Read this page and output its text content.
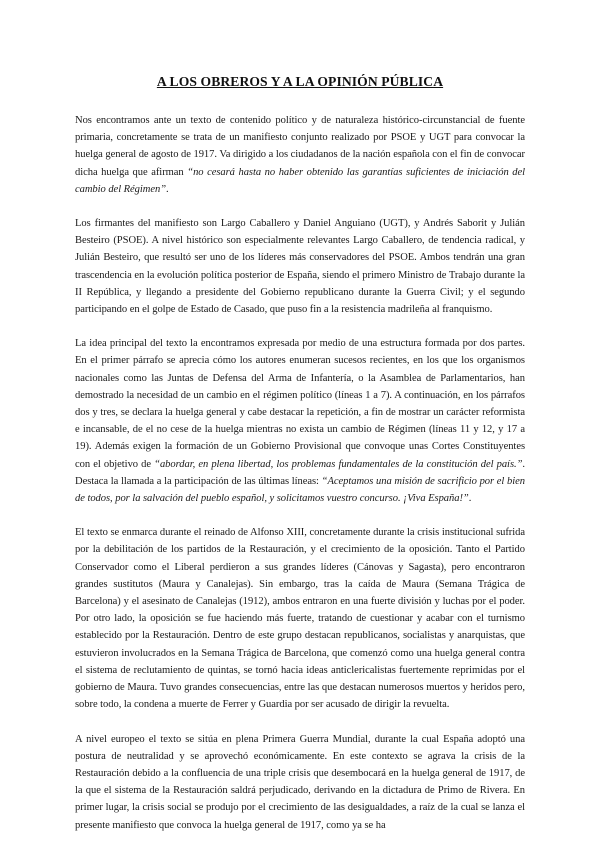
A LOS OBREROS Y A LA OPINIÓN PÚBLICA

Nos encontramos ante un texto de contenido político y de naturaleza histórico-circunstancial de fuente primaria, concretamente se trata de un manifiesto conjunto realizado por PSOE y UGT para convocar la huelga general de agosto de 1917. Va dirigido a los ciudadanos de la nación española con el fin de convocar dicha huelga que afirman “no cesará hasta no haber obtenido las garantías suficientes de iniciación del cambio del Régimen”.

Los firmantes del manifiesto son Largo Caballero y Daniel Anguiano (UGT), y Andrés Saborit y Julián Besteiro (PSOE). A nivel histórico son especialmente relevantes Largo Caballero, de tendencia radical, y Julián Besteiro, que resultó ser uno de los líderes más conservadores del PSOE. Ambos tendrán una gran trascendencia en la evolución política posterior de España, siendo el primero Ministro de Trabajo durante la II República, y llegando a presidente del Gobierno republicano durante la Guerra Civil; y el segundo participando en el golpe de Estado de Casado, que puso fin a la resistencia madrileña al franquismo.

La idea principal del texto la encontramos expresada por medio de una estructura formada por dos partes. En el primer párrafo se aprecia cómo los autores enumeran sucesos recientes, en los que los organismos nacionales como las Juntas de Defensa del Arma de Infantería, o la Asamblea de Parlamentarios, han demostrado la necesidad de un cambio en el régimen político (líneas 1 a 7). A continuación, en los párrafos dos y tres, se declara la huelga general y cabe destacar la repetición, a fin de mostrar un carácter reformista e incansable, de el no cese de la huelga mientras no exista un cambio de Régimen (líneas 11 y 12, y 17 a 19). Además exigen la formación de un Gobierno Provisional que convoque unas Cortes Constituyentes con el objetivo de “abordar, en plena libertad, los problemas fundamentales de la constitución del país.”. Destaca la llamada a la participación de las últimas líneas: “Aceptamos una misión de sacrificio por el bien de todos, por la salvación del pueblo español, y solicitamos vuestro concurso. ¡Viva España!”.

El texto se enmarca durante el reinado de Alfonso XIII, concretamente durante la crisis institucional sufrida por la debilitación de los partidos de la Restauración, y el crecimiento de la oposición. Tanto el Partido Conservador como el Liberal perdieron a sus grandes líderes (Cánovas y Sagasta), pero encontraron grandes sustitutos (Maura y Canalejas). Sin embargo, tras la caída de Maura (Semana Trágica de Barcelona) y el asesinato de Canalejas (1912), ambos entraron en una fuerte división y luchas por el poder. Por otro lado, la oposición se fue haciendo más fuerte, tratando de cuestionar y acabar con el turnismo establecido por la Restauración. Dentro de este grupo destacan republicanos, socialistas y anarquistas, que estuvieron involucrados en la Semana Trágica de Barcelona, que comenzó como una huelga general contra el sistema de reclutamiento de quintas, se tornó hacia ideas anticlericalistas fuertemente reprimidas por el gobierno de Maura. Tuvo grandes consecuencias, entre las que destacan numerosos muertos y heridos pero, sobre todo, la condena a muerte de Ferrer y Guardia por ser acusado de dirigir la revuelta.

A nivel europeo el texto se sitúa en plena Primera Guerra Mundial, durante la cual España adoptó una postura de neutralidad y se aprovechó económicamente. En este contexto se agrava la crisis de la Restauración debido a la confluencia de una triple crisis que desembocará en la huelga general de 1917, de la que el sistema de la Restauración saldrá perjudicado, derivando en la dictadura de Primo de Rivera. En primer lugar, la crisis social se produjo por el crecimiento de las desigualdades, a raíz de la cual se lanza el presente manifiesto que convoca la huelga general de 1917, como ya se ha
